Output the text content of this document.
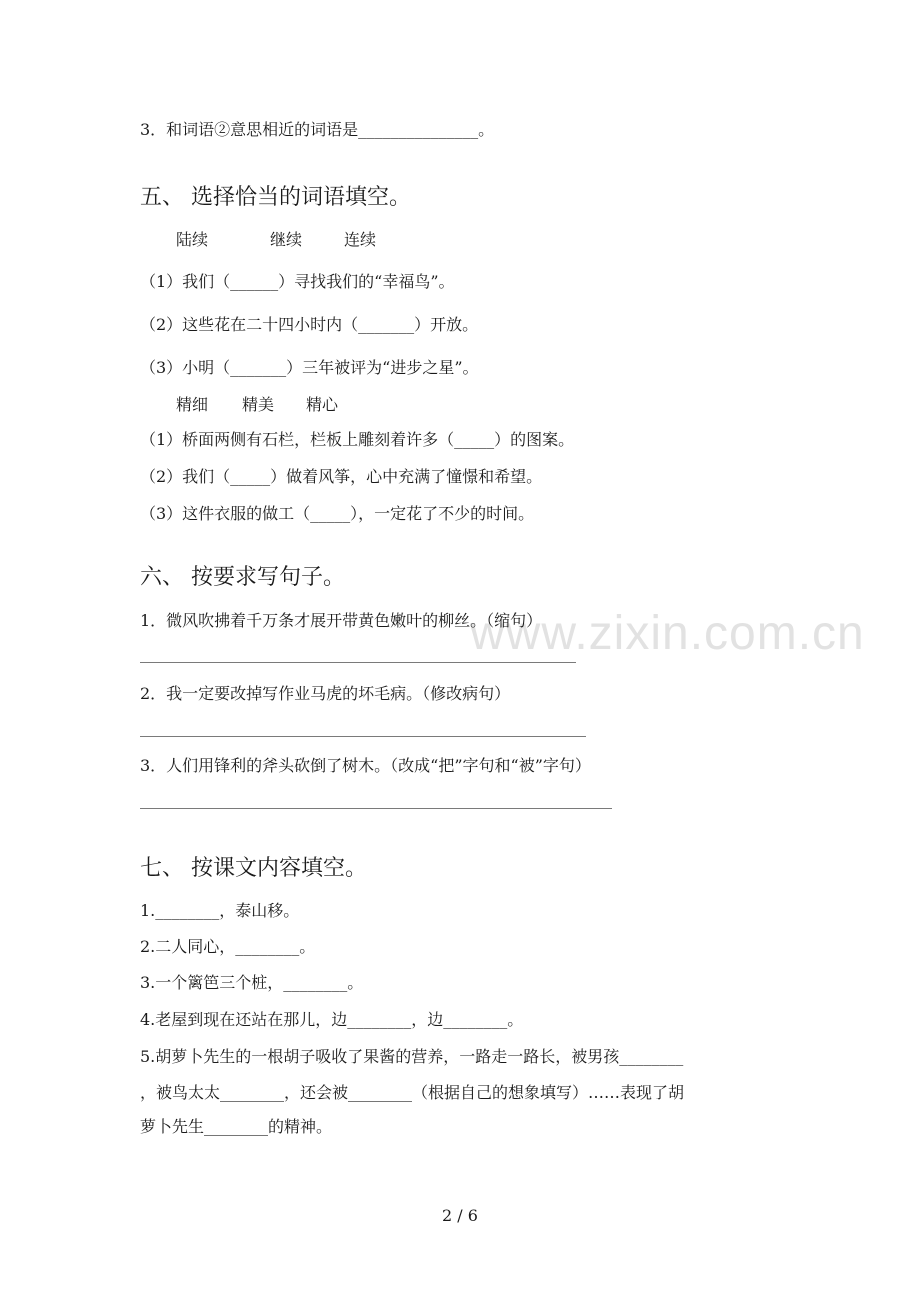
www.zixin.com.cn
3．和词语②意思相近的词语是_______________。
五、 选择恰当的词语填空。
陆续	继续	连续
（1）我们（______）寻找我们的“幸福鸟”。
（2）这些花在二十四小时内（_______）开放。
（3）小明（_______）三年被评为“进步之星”。
精细 精美 精心
（1）桥面两侧有石栏，栏板上雕刻着许多（_____）的图案。
（2）我们（_____）做着风筝，心中充满了憧憬和希望。
（3）这件衣服的做工（_____），一定花了不少的时间。
六、 按要求写句子。
1．微风吹拂着千万条才展开带黄色嫩叶的柳丝。（缩句）
2．我一定要改掉写作业马虎的坏毛病。（修改病句）
3．人们用锋利的斧头砍倒了树木。（改成“把”字句和“被”字句）
七、 按课文内容填空。
1.________，泰山移。
2.二人同心，________。
3.一个篱笆三个桩，________。
4.老屋到现在还站在那儿，边________，边________。
5.胡萝卜先生的一根胡子吸收了果酱的营养，一路走一路长，被男孩________
，被鸟太太________，还会被________（根据自己的想象填写）……表现了胡
萝卜先生________的精神。
2 / 6
